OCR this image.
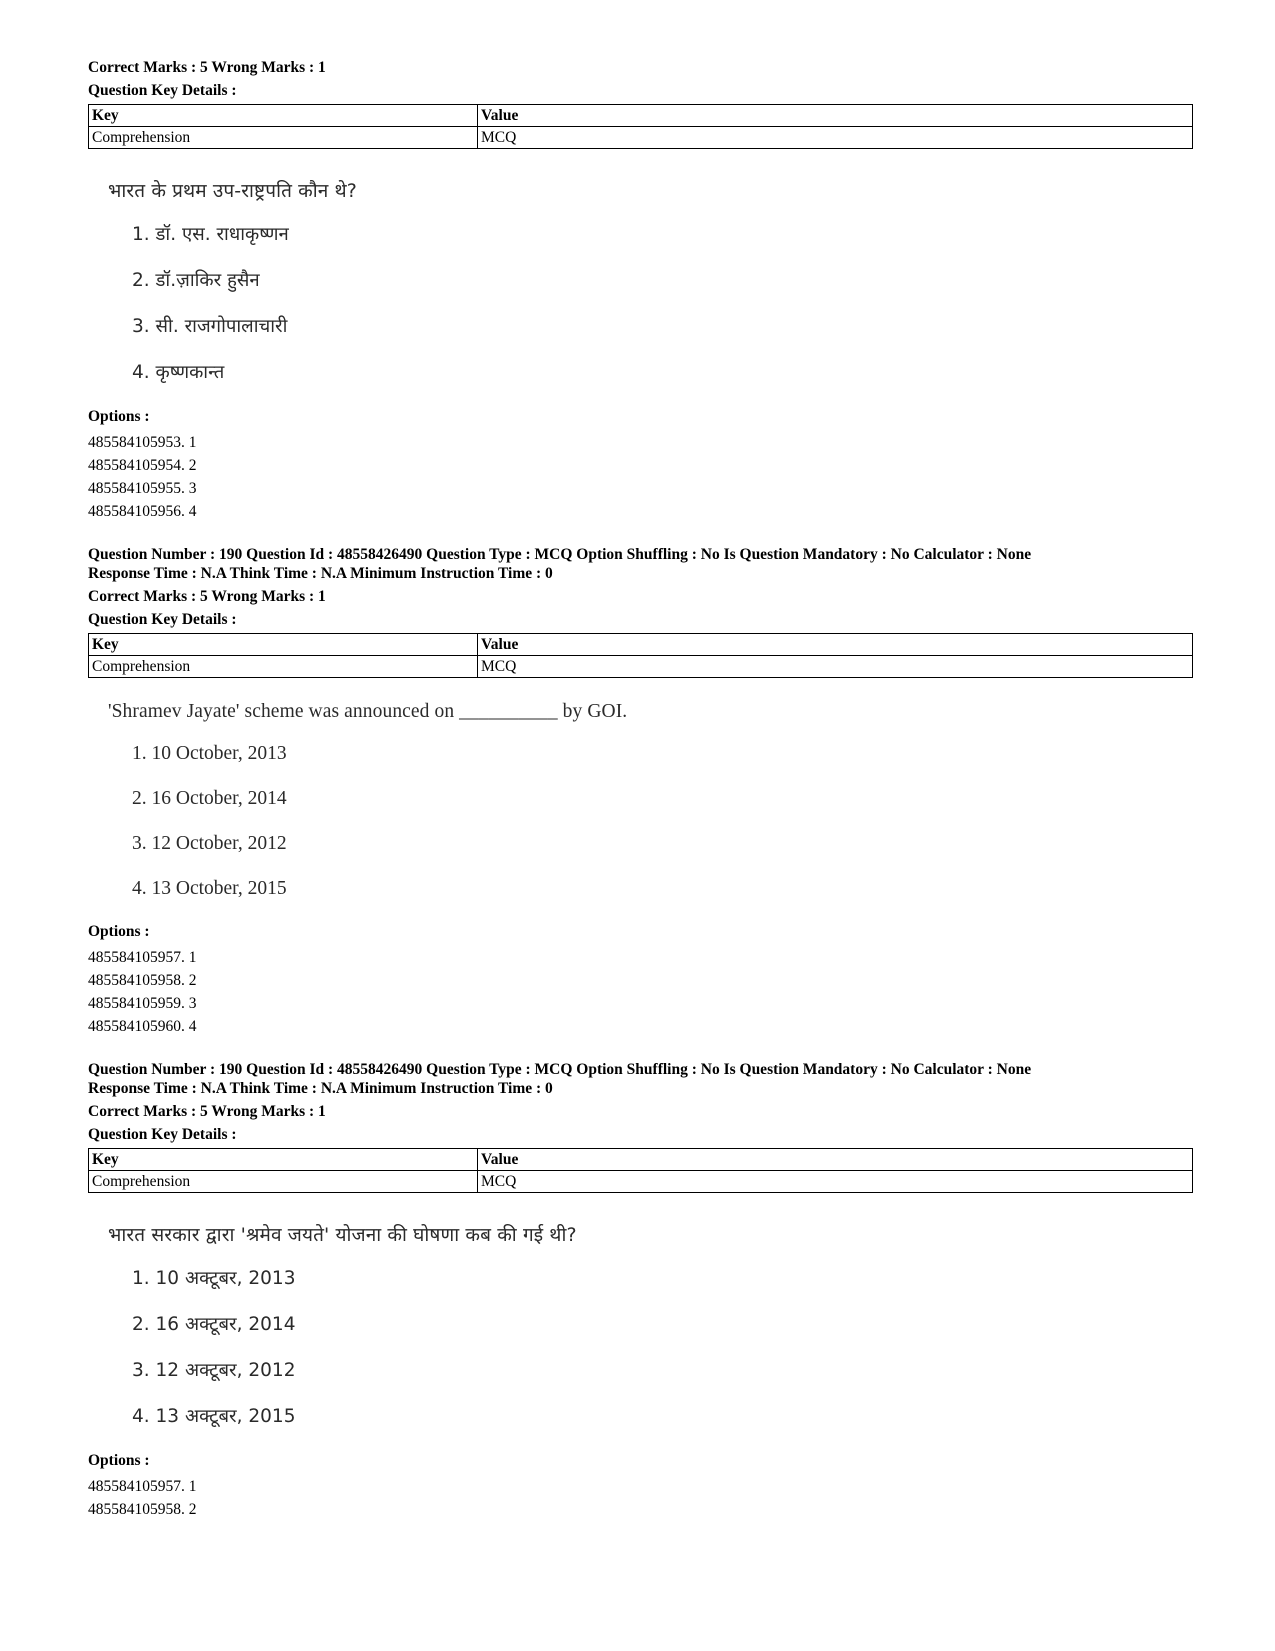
Correct Marks : 5 Wrong Marks : 1

Question Key Details :

Key	Value
Comprehension	MCQ

भारत के प्रथम उप-राष्ट्रपति कौन थे?

1. डॉ. एस. राधाकृष्णन
2. डॉ.ज़ाकिर हुसैन
3. सी. राजगोपालाचारी
4. कृष्णकान्त

Options :

485584105953. 1

485584105954. 2

485584105955. 3

485584105956. 4

Question Number : 190 Question Id : 48558426490 Question Type : MCQ Option Shuffling : No Is Question Mandatory : No Calculator : None

Response Time : N.A Think Time : N.A Minimum Instruction Time : 0

Correct Marks : 5 Wrong Marks : 1

Question Key Details :

Key	Value
Comprehension	MCQ

'Shramev Jayate' scheme was announced on __________ by GOI.

1. 10 October, 2013
2. 16 October, 2014
3. 12 October, 2012
4. 13 October, 2015

Options :

485584105957. 1

485584105958. 2

485584105959. 3

485584105960. 4

Question Number : 190 Question Id : 48558426490 Question Type : MCQ Option Shuffling : No Is Question Mandatory : No Calculator : None

Response Time : N.A Think Time : N.A Minimum Instruction Time : 0

Correct Marks : 5 Wrong Marks : 1

Question Key Details :

Key	Value
Comprehension	MCQ

भारत सरकार द्वारा 'श्रमेव जयते' योजना की घोषणा कब की गई थी?

1. 10 अक्टूबर, 2013
2. 16 अक्टूबर, 2014
3. 12 अक्टूबर, 2012
4. 13 अक्टूबर, 2015

Options :

485584105957. 1

485584105958. 2
